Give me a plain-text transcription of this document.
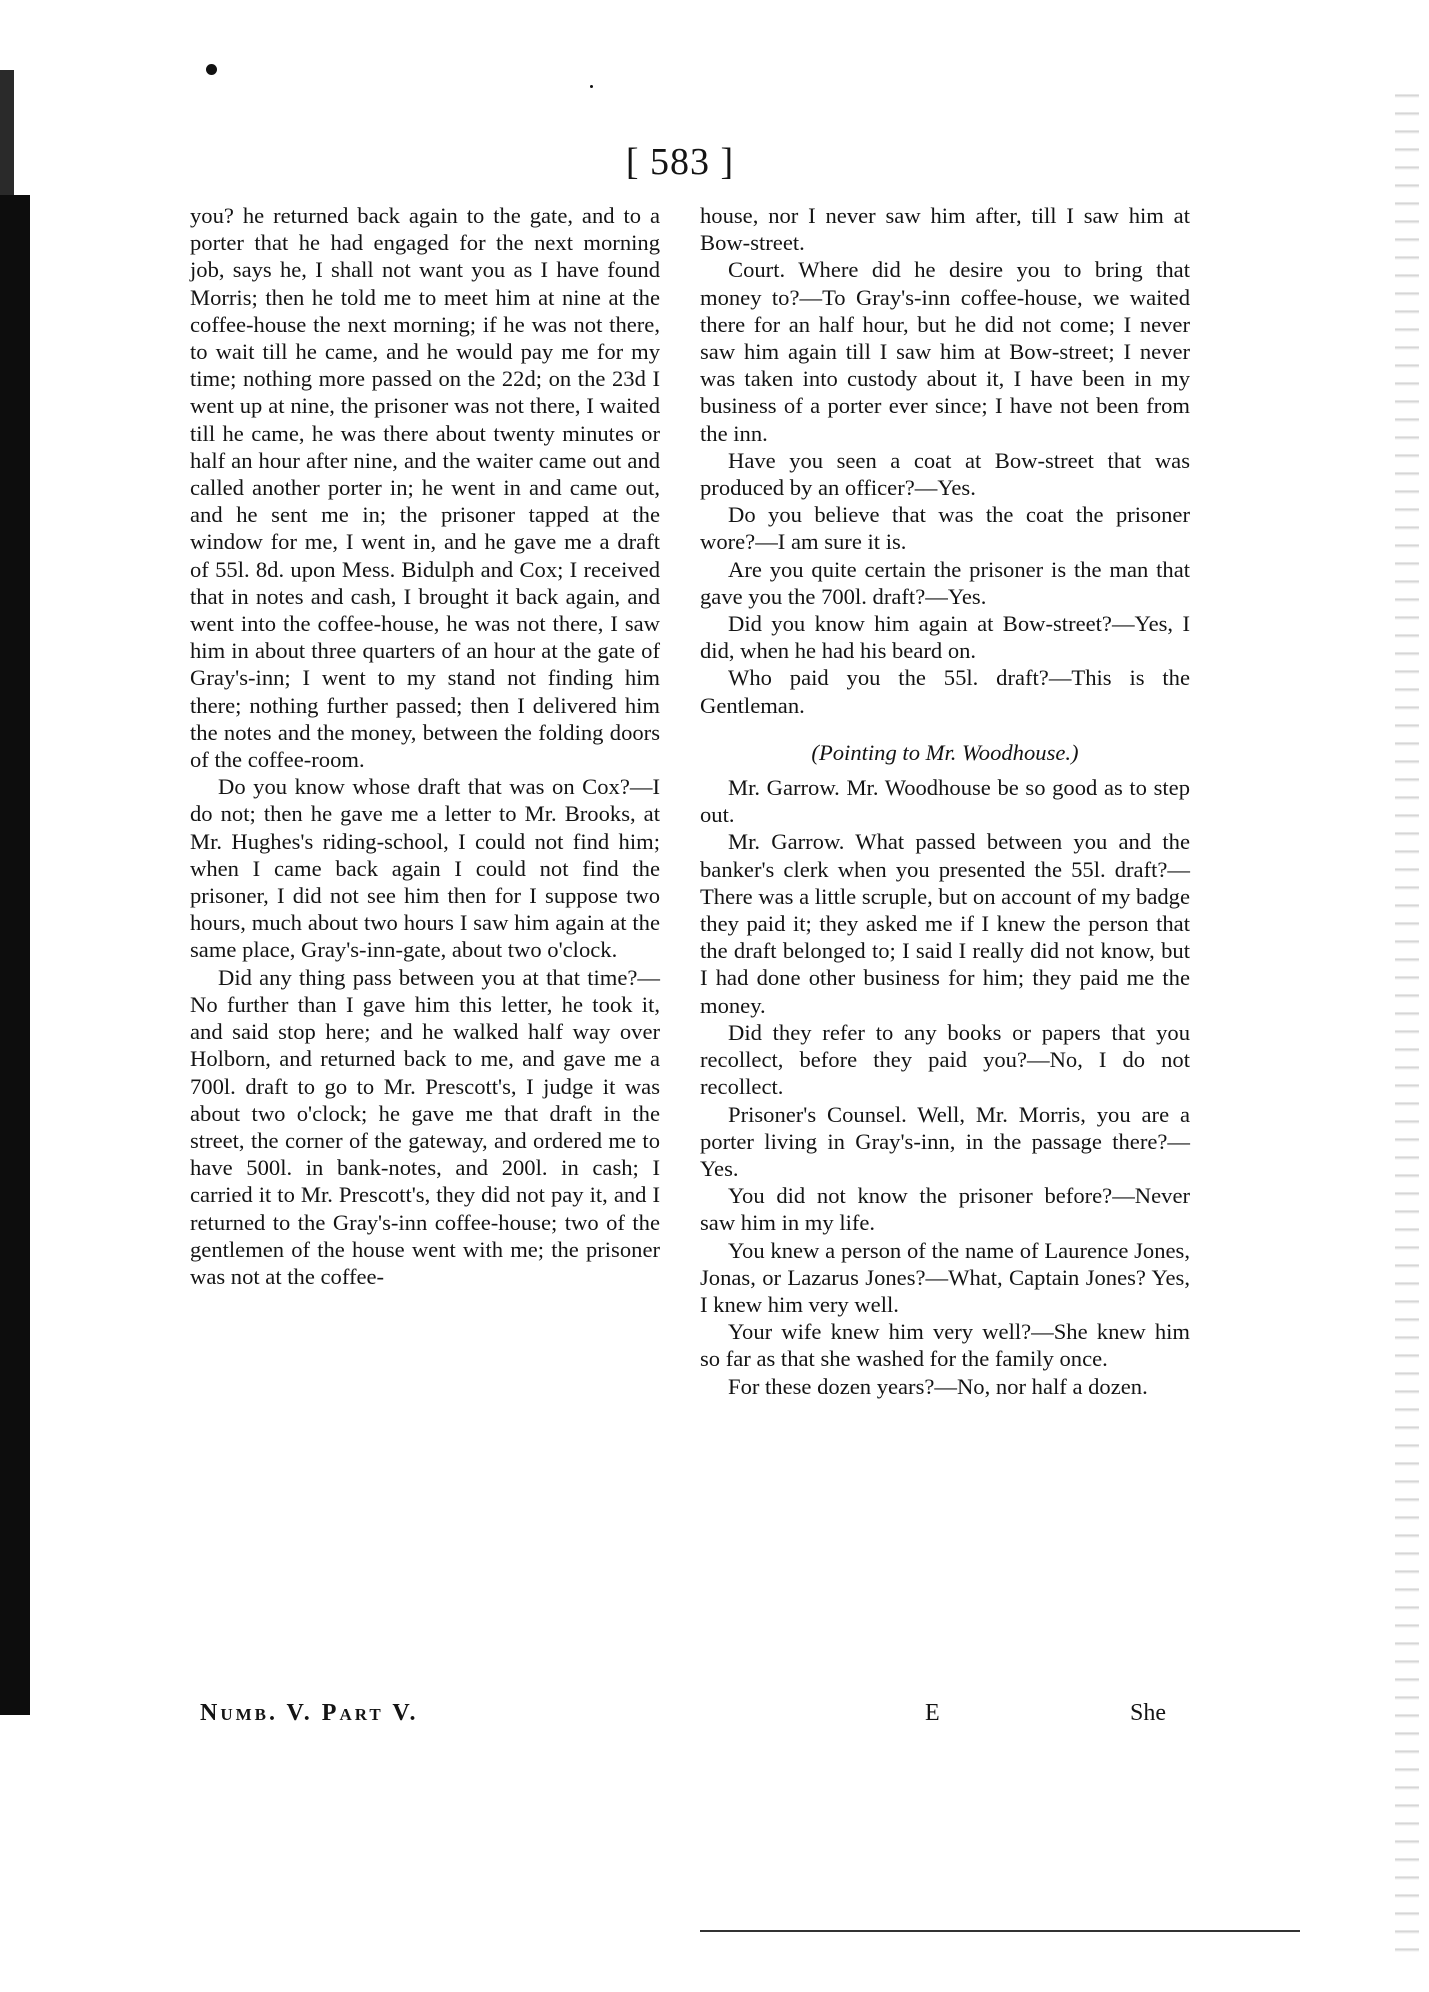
[ 583 ]

you? he returned back again to the gate, and to a porter that he had engaged for the next morning job, says he, I shall not want you as I have found Morris; then he told me to meet him at nine at the coffee-house the next morning; if he was not there, to wait till he came, and he would pay me for my time; nothing more passed on the 22d; on the 23d I went up at nine, the prisoner was not there, I waited till he came, he was there about twenty minutes or half an hour after nine, and the waiter came out and called another porter in; he went in and came out, and he sent me in; the prisoner tapped at the window for me, I went in, and he gave me a draft of 55l. 8d. upon Mess. Bidulph and Cox; I received that in notes and cash, I brought it back again, and went into the coffee-house, he was not there, I saw him in about three quarters of an hour at the gate of Gray's-inn; I went to my stand not finding him there; nothing further passed; then I delivered him the notes and the money, between the folding doors of the coffee-room.

Do you know whose draft that was on Cox?—I do not; then he gave me a letter to Mr. Brooks, at Mr. Hughes's riding-school, I could not find him; when I came back again I could not find the prisoner, I did not see him then for I suppose two hours, much about two hours I saw him again at the same place, Gray's-inn-gate, about two o'clock.

Did any thing pass between you at that time?—No further than I gave him this letter, he took it, and said stop here; and he walked half way over Holborn, and returned back to me, and gave me a 700l. draft to go to Mr. Prescott's, I judge it was about two o'clock; he gave me that draft in the street, the corner of the gateway, and ordered me to have 500l. in bank-notes, and 200l. in cash; I carried it to Mr. Prescott's, they did not pay it, and I returned to the Gray's-inn coffee-house; two of the gentlemen of the house went with me; the prisoner was not at the coffee-

house, nor I never saw him after, till I saw him at Bow-street.

Court. Where did he desire you to bring that money to?—To Gray's-inn coffee-house, we waited there for an half hour, but he did not come; I never saw him again till I saw him at Bow-street; I never was taken into custody about it, I have been in my business of a porter ever since; I have not been from the inn.

Have you seen a coat at Bow-street that was produced by an officer?—Yes.

Do you believe that was the coat the prisoner wore?—I am sure it is.

Are you quite certain the prisoner is the man that gave you the 700l. draft?—Yes.

Did you know him again at Bow-street?—Yes, I did, when he had his beard on.

Who paid you the 55l. draft?—This is the Gentleman.

(Pointing to Mr. Woodhouse.)

Mr. Garrow. Mr. Woodhouse be so good as to step out.

Mr. Garrow. What passed between you and the banker's clerk when you presented the 55l. draft?—There was a little scruple, but on account of my badge they paid it; they asked me if I knew the person that the draft belonged to; I said I really did not know, but I had done other business for him; they paid me the money.

Did they refer to any books or papers that you recollect, before they paid you?—No, I do not recollect.

Prisoner's Counsel. Well, Mr. Morris, you are a porter living in Gray's-inn, in the passage there?—Yes.

You did not know the prisoner before?—Never saw him in my life.

You knew a person of the name of Laurence Jones, Jonas, or Lazarus Jones?—What, Captain Jones? Yes, I knew him very well.

Your wife knew him very well?—She knew him so far as that she washed for the family once.

For these dozen years?—No, nor half a dozen.

Numb. V. Part V.	E	She
